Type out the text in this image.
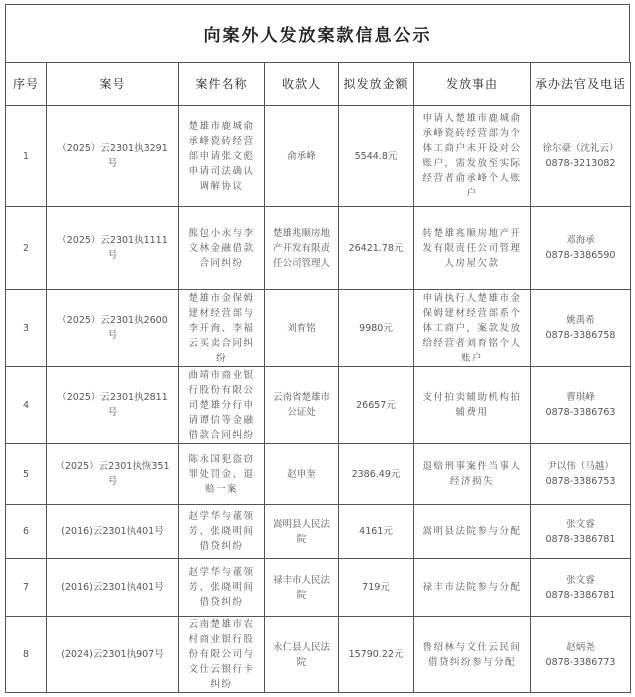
向案外人发放案款信息公示
序号	案号	案件名称	收款人	拟发放金额	发放事由	承办法官及电话
1	（2025）云2301执3291号	楚雄市鹿城俞承峰瓷砖经营部申请张文彪申请司法确认调解协议	俞承峰	5544.8元	申请人楚雄市鹿城俞承峰瓷砖经营部为个体工商户未开设对公账户，需发放至实际经营者俞承峰个人账户	徐尔豪（沈礼云）
0878-3213082

2	（2025）云2301执1111号	熊包小永与李文林金融借款合同纠纷	楚雄兆顺房地产开发有限责任公司管理人	26421.78元	转楚雄兆顺房地产开发有限责任公司管理人房屋欠款	邓海承
0878-3386590

3	（2025）云2301执2600号	楚雄市金保姆建材经营部与李开洵、李福云买卖合同纠纷	刘育铭	9980元	申请执行人楚雄市金保姆建材经营部系个体工商户，案款发放给经营者刘育铭个人账户	姚禹希
0878-3386758

4	（2025）云2301执2811号	曲靖市商业银行股份有限公司楚雄分行申请谭信等金融借款合同纠纷	云南省楚雄市公证处	26657元	支付拍卖辅助机构拍辅费用	曹琪峰
0878-3386763

5	（2025）云2301执恢351号	陈永国犯盗窃罪处罚金、退赔一案	赵申奎	2386.49元	退赔刑事案件当事人经济损失	尹以伟（马越）
0878-3386753

6	(2016)云2301执401号	赵学华与董领芳、张晓明间借贷纠纷	嵩明县人民法院	4161元	嵩明县法院参与分配	张文睿
0878-3386781

7	(2016)云2301执401号	赵学华与董领芳、张晓明间借贷纠纷	禄丰市人民法院	719元	禄丰市法院参与分配	张文睿
0878-3386781

8	(2024)云2301执907号	云南楚雄市农村商业银行股份有限公司与文仕云银行卡纠纷	永仁县人民法院	15790.22元	鲁绍林与文仕云民间借贷纠纷参与分配	赵炳尧
0878-3386773
